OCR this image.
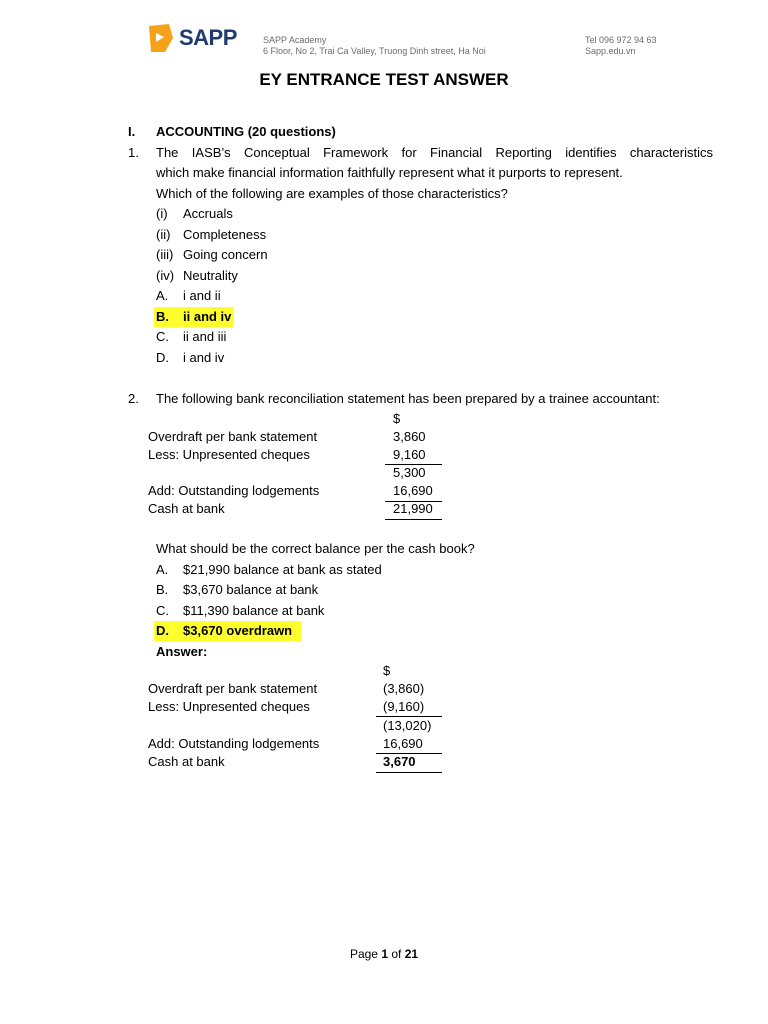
SAPP	SAPP Academy
6 Floor, No 2, Trai Ca Valley, Truong Dinh street, Ha Noi
Tel 096 972 94 63
Sapp.edu.vn
EY ENTRANCE TEST ANSWER
I. ACCOUNTING (20 questions)
1. The IASB’s Conceptual Framework for Financial Reporting identifies characteristics
which make financial information faithfully represent what it purports to represent.
Which of the following are examples of those characteristics?
(i) Accruals
(ii) Completeness
(iii) Going concern
(iv) Neutrality
A. i and ii
B. ii and iv
C. ii and iii
D. i and iv
2. The following bank reconciliation statement has been prepared by a trainee accountant:
$
Overdraft per bank statement	3,860
Less: Unpresented cheques	9,160
5,300
Add: Outstanding lodgements	16,690
Cash at bank	21,990
What should be the correct balance per the cash book?
A. $21,990 balance at bank as stated
B. $3,670 balance at bank
C. $11,390 balance at bank
D. $3,670 overdrawn
Answer:
$
Overdraft per bank statement	(3,860)
Less: Unpresented cheques	(9,160)
(13,020)
Add: Outstanding lodgements	16,690
Cash at bank	3,670
Page 1 of 21
